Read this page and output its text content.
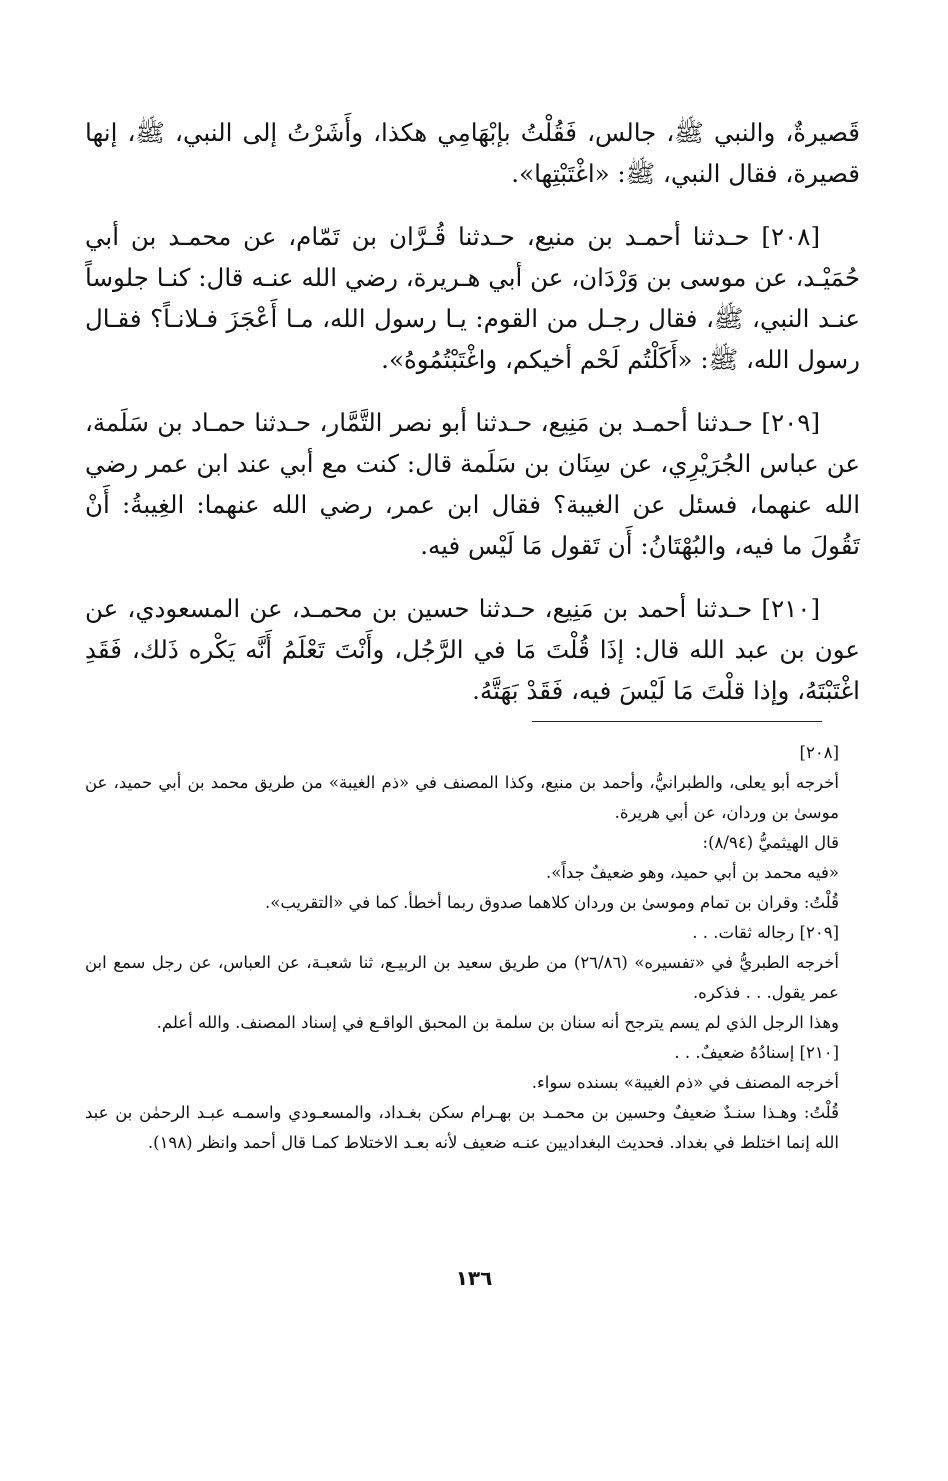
قَصيرةٌ، والنبي ﷺ، جالس، فَقُلْتُ بإبْهَامِي هكذا، وأَشَرْتُ إلى النبي، ﷺ، إنها قصيرة، فقال النبي، ﷺ: «اغْتَبْتِها».

[٢٠٨] حـدثنا أحمـد بن منيع، حـدثنا قُـرَّان بن تَمّام، عن محمـد بن أبي حُمَيْـد، عن موسى بن وَرْدَان، عن أبي هـريرة، رضي الله عنـه قال: كنـا جلوساً عنـد النبي، ﷺ، فقال رجـل من القوم: يـا رسول الله، مـا أَعْجَزَ فـلانـاً؟ فقـال رسول الله، ﷺ: «أَكَلْتُم لَحْم أخيكم، واغْتَبْتُمُوهُ».

[٢٠٩] حـدثنا أحمـد بن مَنِيع، حـدثنا أبو نصر التَّمَّار، حـدثنا حمـاد بن سَلَمة، عن عباس الجُرَيْرِي، عن سِنَان بن سَلَمة قال: كنت مع أبي عند ابن عمر رضي الله عنهما، فسئل عن الغيبة؟ فقال ابن عمر، رضي الله عنهما: الغِيبةُ: أَنْ تَقُولَ ما فيه، والبُهْتَانُ: أَن تَقول مَا لَيْس فيه.

[٢١٠] حـدثنا أحمد بن مَنِيع، حـدثنا حسين بن محمـد، عن المسعودي، عن عون بن عبد الله قال: إذَا قُلْتَ مَا في الرَّجُل، وأَنْتَ تَعْلَمُ أَنَّه يَكْره ذَلك، فَقَدِ اغْتَبْتَهُ، وإذا قلْتَ مَا لَيْسَ فيه، فَقَدْ بَهَتَّهُ.

[٢٠٨]

أخرجه أبو يعلى، والطبرانيُّ، وأحمد بن منيع، وكذا المصنف في «ذم الغيبة» من طريق محمد بن أبي حميد، عن موسىٰ بن وردان، عن أبي هريرة.

قال الهيثميُّ (٨/٩٤):

«فيه محمد بن أبي حميد، وهو ضعيفٌ جداً».

قُلْتُ: وقران بن تمام وموسىٰ بن وردان كلاهما صدوق ربما أخطأ. كما في «التقريب».

[٢٠٩] رجاله ثقات. . .

أخرجه الطبريُّ في «تفسيره» (٢٦/٨٦) من طريق سعيد بن الربيـع، ثنا شعبـة، عن العباس، عن رجل سمع ابن عمر يقول. . . فذكره.

وهذا الرجل الذي لم يسم يترجح أنه سنان بن سلمة بن المحبق الواقـع في إسناد المصنف. والله أعلم.

[٢١٠] إسنادُهُ ضعيفٌ. . .

أخرجه المصنف في «ذم الغيبة» بسنده سواء.

قُلْتُ: وهـذا سنـدٌ ضعيفٌ وحسين بن محمـد بن بهـرام سكن بغـداد، والمسعـودي واسمـه عبـد الرحمٰن بن عبد الله إنما اختلط في بغداد. فحديث البغداديين عنـه ضعيف لأنه بعـد الاختلاط كمـا قال أحمد وانظر (١٩٨).

١٣٦
